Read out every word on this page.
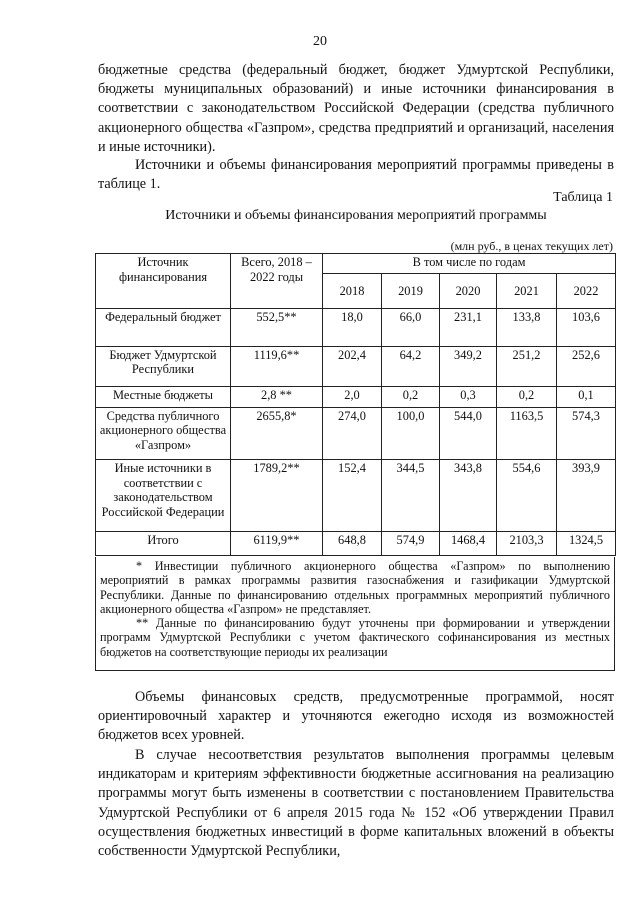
20

бюджетные средства (федеральный бюджет, бюджет Удмуртской Республики, бюджеты муниципальных образований) и иные источники финансирования в соответствии с законодательством Российской Федерации (средства публичного акционерного общества «Газпром», средства предприятий и организаций, населения и иные источники).

Источники и объемы финансирования мероприятий программы приведены в таблице 1.

Таблица 1
Источники и объемы финансирования мероприятий программы
(млн руб., в ценах текущих лет)
Источник финансирования	Всего, 2018 – 2022 годы	В том числе по годам				
		2018	2019	2020	2021	2022
Федеральный бюджет	552,5**	18,0	66,0	231,1	133,8	103,6
Бюджет Удмуртской Республики	1119,6**	202,4	64,2	349,2	251,2	252,6
Местные бюджеты	2,8 **	2,0	0,2	0,3	0,2	0,1
Средства публичного акционерного общества «Газпром»	2655,8*	274,0	100,0	544,0	1163,5	574,3
Иные источники в соответствии с законодательством Российской Федерации	1789,2**	152,4	344,5	343,8	554,6	393,9
Итого	6119,9**	648,8	574,9	1468,4	2103,3	1324,5

* Инвестиции публичного акционерного общества «Газпром» по выполнению мероприятий в рамках программы развития газоснабжения и газификации Удмуртской Республики. Данные по финансированию отдельных программных мероприятий публичного акционерного общества «Газпром» не представляет.

** Данные по финансированию будут уточнены при формировании и утверждении программ Удмуртской Республики с учетом фактического софинансирования из местных бюджетов на соответствующие периоды их реализации

Объемы финансовых средств, предусмотренные программой, носят ориентировочный характер и уточняются ежегодно исходя из возможностей бюджетов всех уровней.

В случае несоответствия результатов выполнения программы целевым индикаторам и критериям эффективности бюджетные ассигнования на реализацию программы могут быть изменены в соответствии с постановлением Правительства Удмуртской Республики от 6 апреля 2015 года № 152 «Об утверждении Правил осуществления бюджетных инвестиций в форме капитальных вложений в объекты собственности Удмуртской Республики,
